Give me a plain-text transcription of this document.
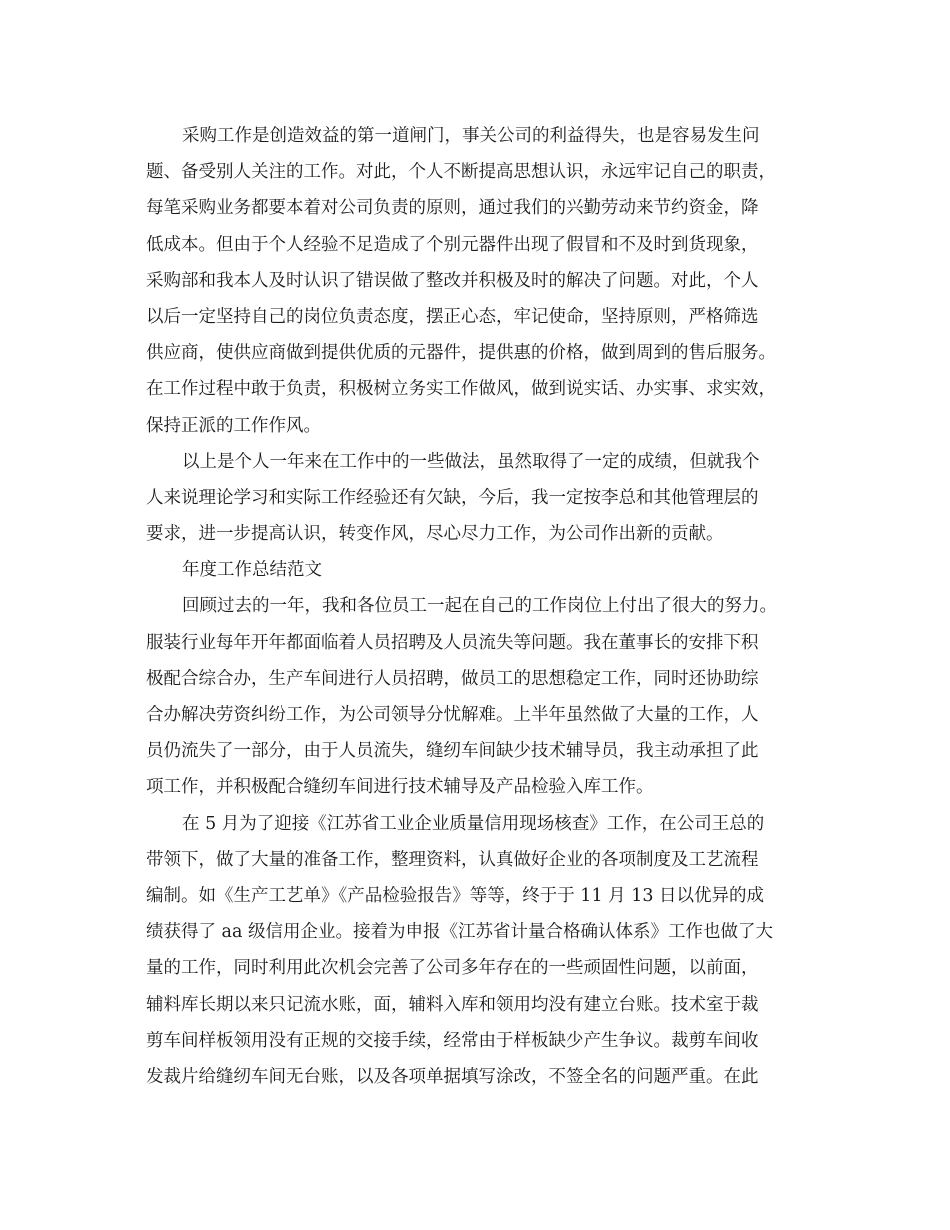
采购工作是创造效益的第一道闸门，事关公司的利益得失，也是容易发生问
题、备受别人关注的工作。对此，个人不断提高思想认识，永远牢记自己的职责，
每笔采购业务都要本着对公司负责的原则，通过我们的兴勤劳动来节约资金，降
低成本。但由于个人经验不足造成了个别元器件出现了假冒和不及时到货现象，
采购部和我本人及时认识了错误做了整改并积极及时的解决了问题。对此，个人
以后一定坚持自己的岗位负责态度，摆正心态，牢记使命，坚持原则，严格筛选
供应商，使供应商做到提供优质的元器件，提供惠的价格，做到周到的售后服务。
在工作过程中敢于负责，积极树立务实工作做风，做到说实话、办实事、求实效，
保持正派的工作作风。
以上是个人一年来在工作中的一些做法，虽然取得了一定的成绩，但就我个
人来说理论学习和实际工作经验还有欠缺，今后，我一定按李总和其他管理层的
要求，进一步提高认识，转变作风，尽心尽力工作，为公司作出新的贡献。
年度工作总结范文
回顾过去的一年，我和各位员工一起在自己的工作岗位上付出了很大的努力。
服装行业每年开年都面临着人员招聘及人员流失等问题。我在董事长的安排下积
极配合综合办，生产车间进行人员招聘，做员工的思想稳定工作，同时还协助综
合办解决劳资纠纷工作，为公司领导分忧解难。上半年虽然做了大量的工作，人
员仍流失了一部分，由于人员流失，缝纫车间缺少技术辅导员，我主动承担了此
项工作，并积极配合缝纫车间进行技术辅导及产品检验入库工作。
在 5 月为了迎接《江苏省工业企业质量信用现场核查》工作，在公司王总的
带领下，做了大量的准备工作，整理资料，认真做好企业的各项制度及工艺流程
编制。如《生产工艺单》《产品检验报告》等等，终于于 11 月 13 日以优异的成
绩获得了 aa 级信用企业。接着为申报《江苏省计量合格确认体系》工作也做了大
量的工作，同时利用此次机会完善了公司多年存在的一些顽固性问题，以前面，
辅料库长期以来只记流水账，面，辅料入库和领用均没有建立台账。技术室于裁
剪车间样板领用没有正规的交接手续，经常由于样板缺少产生争议。裁剪车间收
发裁片给缝纫车间无台账，以及各项单据填写涂改，不签全名的问题严重。在此
